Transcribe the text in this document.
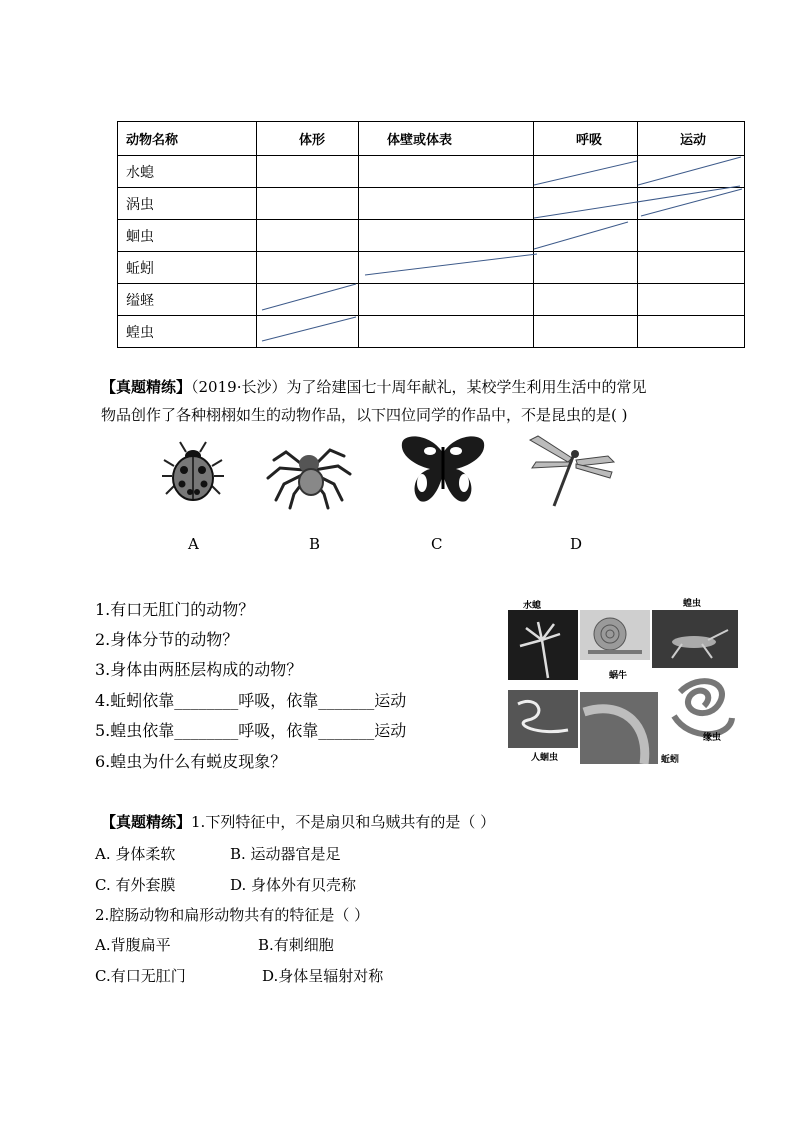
动物名称	体形	体壁或体表	呼吸	运动
水螅				
涡虫				
蛔虫				
蚯蚓				
缢蛏				
蝗虫				
【真题精练】（2019·长沙）为了给建国七十周年献礼，某校学生利用生活中的常见
物品创作了各种栩栩如生的动物作品，以下四位同学的作品中，不是昆虫的是( )
A	B	C	D
1.有口无肛门的动物？
2.身体分节的动物？
3.身体由两胚层构成的动物？
4.蚯蚓依靠________呼吸，依靠_______运动
5.蝗虫依靠________呼吸，依靠_______运动
6.蝗虫为什么有蜕皮现象？
水螅	蝗虫
蜗牛
人蛔虫
缘虫
蚯蚓
【真题精练】1.下列特征中，不是扇贝和乌贼共有的是（ ）
A. 身体柔软	B. 运动器官是足
C. 有外套膜	D. 身体外有贝壳称
2.腔肠动物和扁形动物共有的特征是（ ）
A.背腹扁平	B.有刺细胞
C.有口无肛门	D.身体呈辐射对称
